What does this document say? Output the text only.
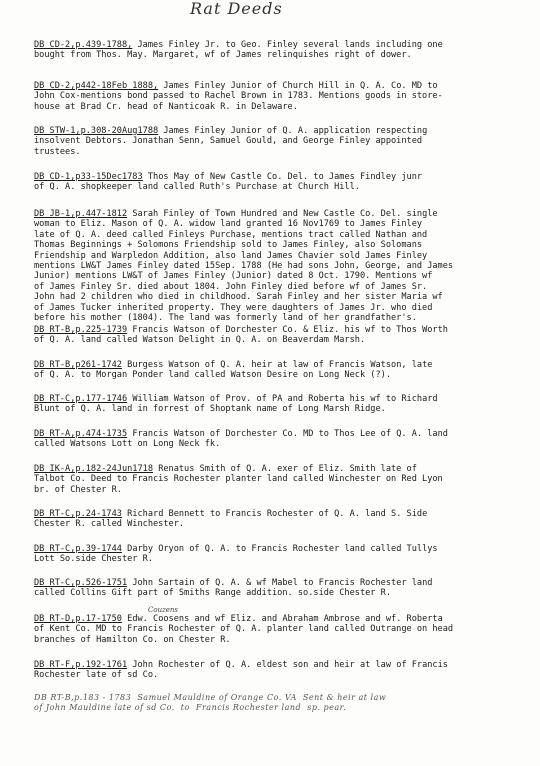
Rat Deeds
DB CD-2,p.439-1788, James Finley Jr. to Geo. Finley several lands including one
bought from Thos. May. Margaret, wf of James relinquishes right of dower.
DB CD-2,p442-18Feb 1888, James Finley Junior of Church Hill in Q. A. Co. MD to
John Cox-mentions bond passed to Rachel Brown in 1783. Mentions goods in store-
house at Brad Cr. head of Nanticoak R. in Delaware.
DB STW-1,p.308-20Aug1788 James Finley Junior of Q. A. application respecting
insolvent Debtors. Jonathan Senn, Samuel Gould, and George Finley appointed
trustees.
DB CD-1,p33-15Dec1783 Thos May of New Castle Co. Del. to James Findley junr
of Q. A. shopkeeper land called Ruth's Purchase at Church Hill.
DB JB-1,p.447-1812 Sarah Finley of Town Hundred and New Castle Co. Del. single
woman to Eliz. Mason of Q. A. widow land granted 16 Nov1769 to James Finley
late of Q. A. deed called Finleys Purchase, mentions tract called Nathan and
Thomas Beginnings + Solomons Friendship sold to James Finley, also Solomans
Friendship and Warpledon Addition, also land James Chavier sold James Finley
mentions LW&T James Finley dated 15Sep. 1788 (He had sons John, George, and James
Junior) mentions LW&T of James Finley (Junior) dated 8 Oct. 1790. Mentions wf
of James Finley Sr. died about 1804. John Finley died before wf of James Sr.
John had 2 children who died in childhood. Sarah Finley and her sister Maria wf
of James Tucker inherited property. They were daughters of James Jr. who died
before his mother (1804). The land was formerly land of her grandfather's.
DB RT-B,p.225-1739 Francis Watson of Dorchester Co. & Eliz. his wf to Thos Worth
of Q. A. land called Watson Delight in Q. A. on Beaverdam Marsh.
DB RT-B,p261-1742 Burgess Watson of Q. A. heir at law of Francis Watson, late
of Q. A. to Morgan Ponder land called Watson Desire on Long Neck (?).
DB RT-C,p.177-1746 William Watson of Prov. of PA and Roberta his wf to Richard
Blunt of Q. A. land in forrest of Shoptank name of Long Marsh Ridge.
DB RT-A,p.474-1735 Francis Watson of Dorchester Co. MD to Thos Lee of Q. A. land
called Watsons Lott on Long Neck fk.
DB IK-A,p.182-24Jun1718 Renatus Smith of Q. A. exer of Eliz. Smith late of
Talbot Co. Deed to Francis Rochester planter land called Winchester on Red Lyon
br. of Chester R.
DB RT-C,p.24-1743 Richard Bennett to Francis Rochester of Q. A. land S. Side
Chester R. called Winchester.
DB RT-C,p.39-1744 Darby Oryon of Q. A. to Francis Rochester land called Tullys
Lott So.side Chester R.
DB RT-C,p.526-1751 John Sartain of Q. A. & wf Mabel to Francis Rochester land
called Collins Gift part of Smiths Range addition. so.side Chester R.
Couzens
DB RT-D,p.17-1750 Edw. Coosens and wf Eliz. and Abraham Ambrose and wf. Roberta
of Kent Co. MD to Francis Rochester of Q. A. planter land called Outrange on head
branches of Hamilton Co. on Chester R.
DB RT-F,p.192-1761 John Rochester of Q. A. eldest son and heir at law of Francis
Rochester late of sd Co.
DB RT-B,p.183 - 1783  Samuel Mauldine of Orange Co. VA  Sent & heir at law
of John Mauldine late of sd Co.  to  Francis Rochester land  sp. pear.
